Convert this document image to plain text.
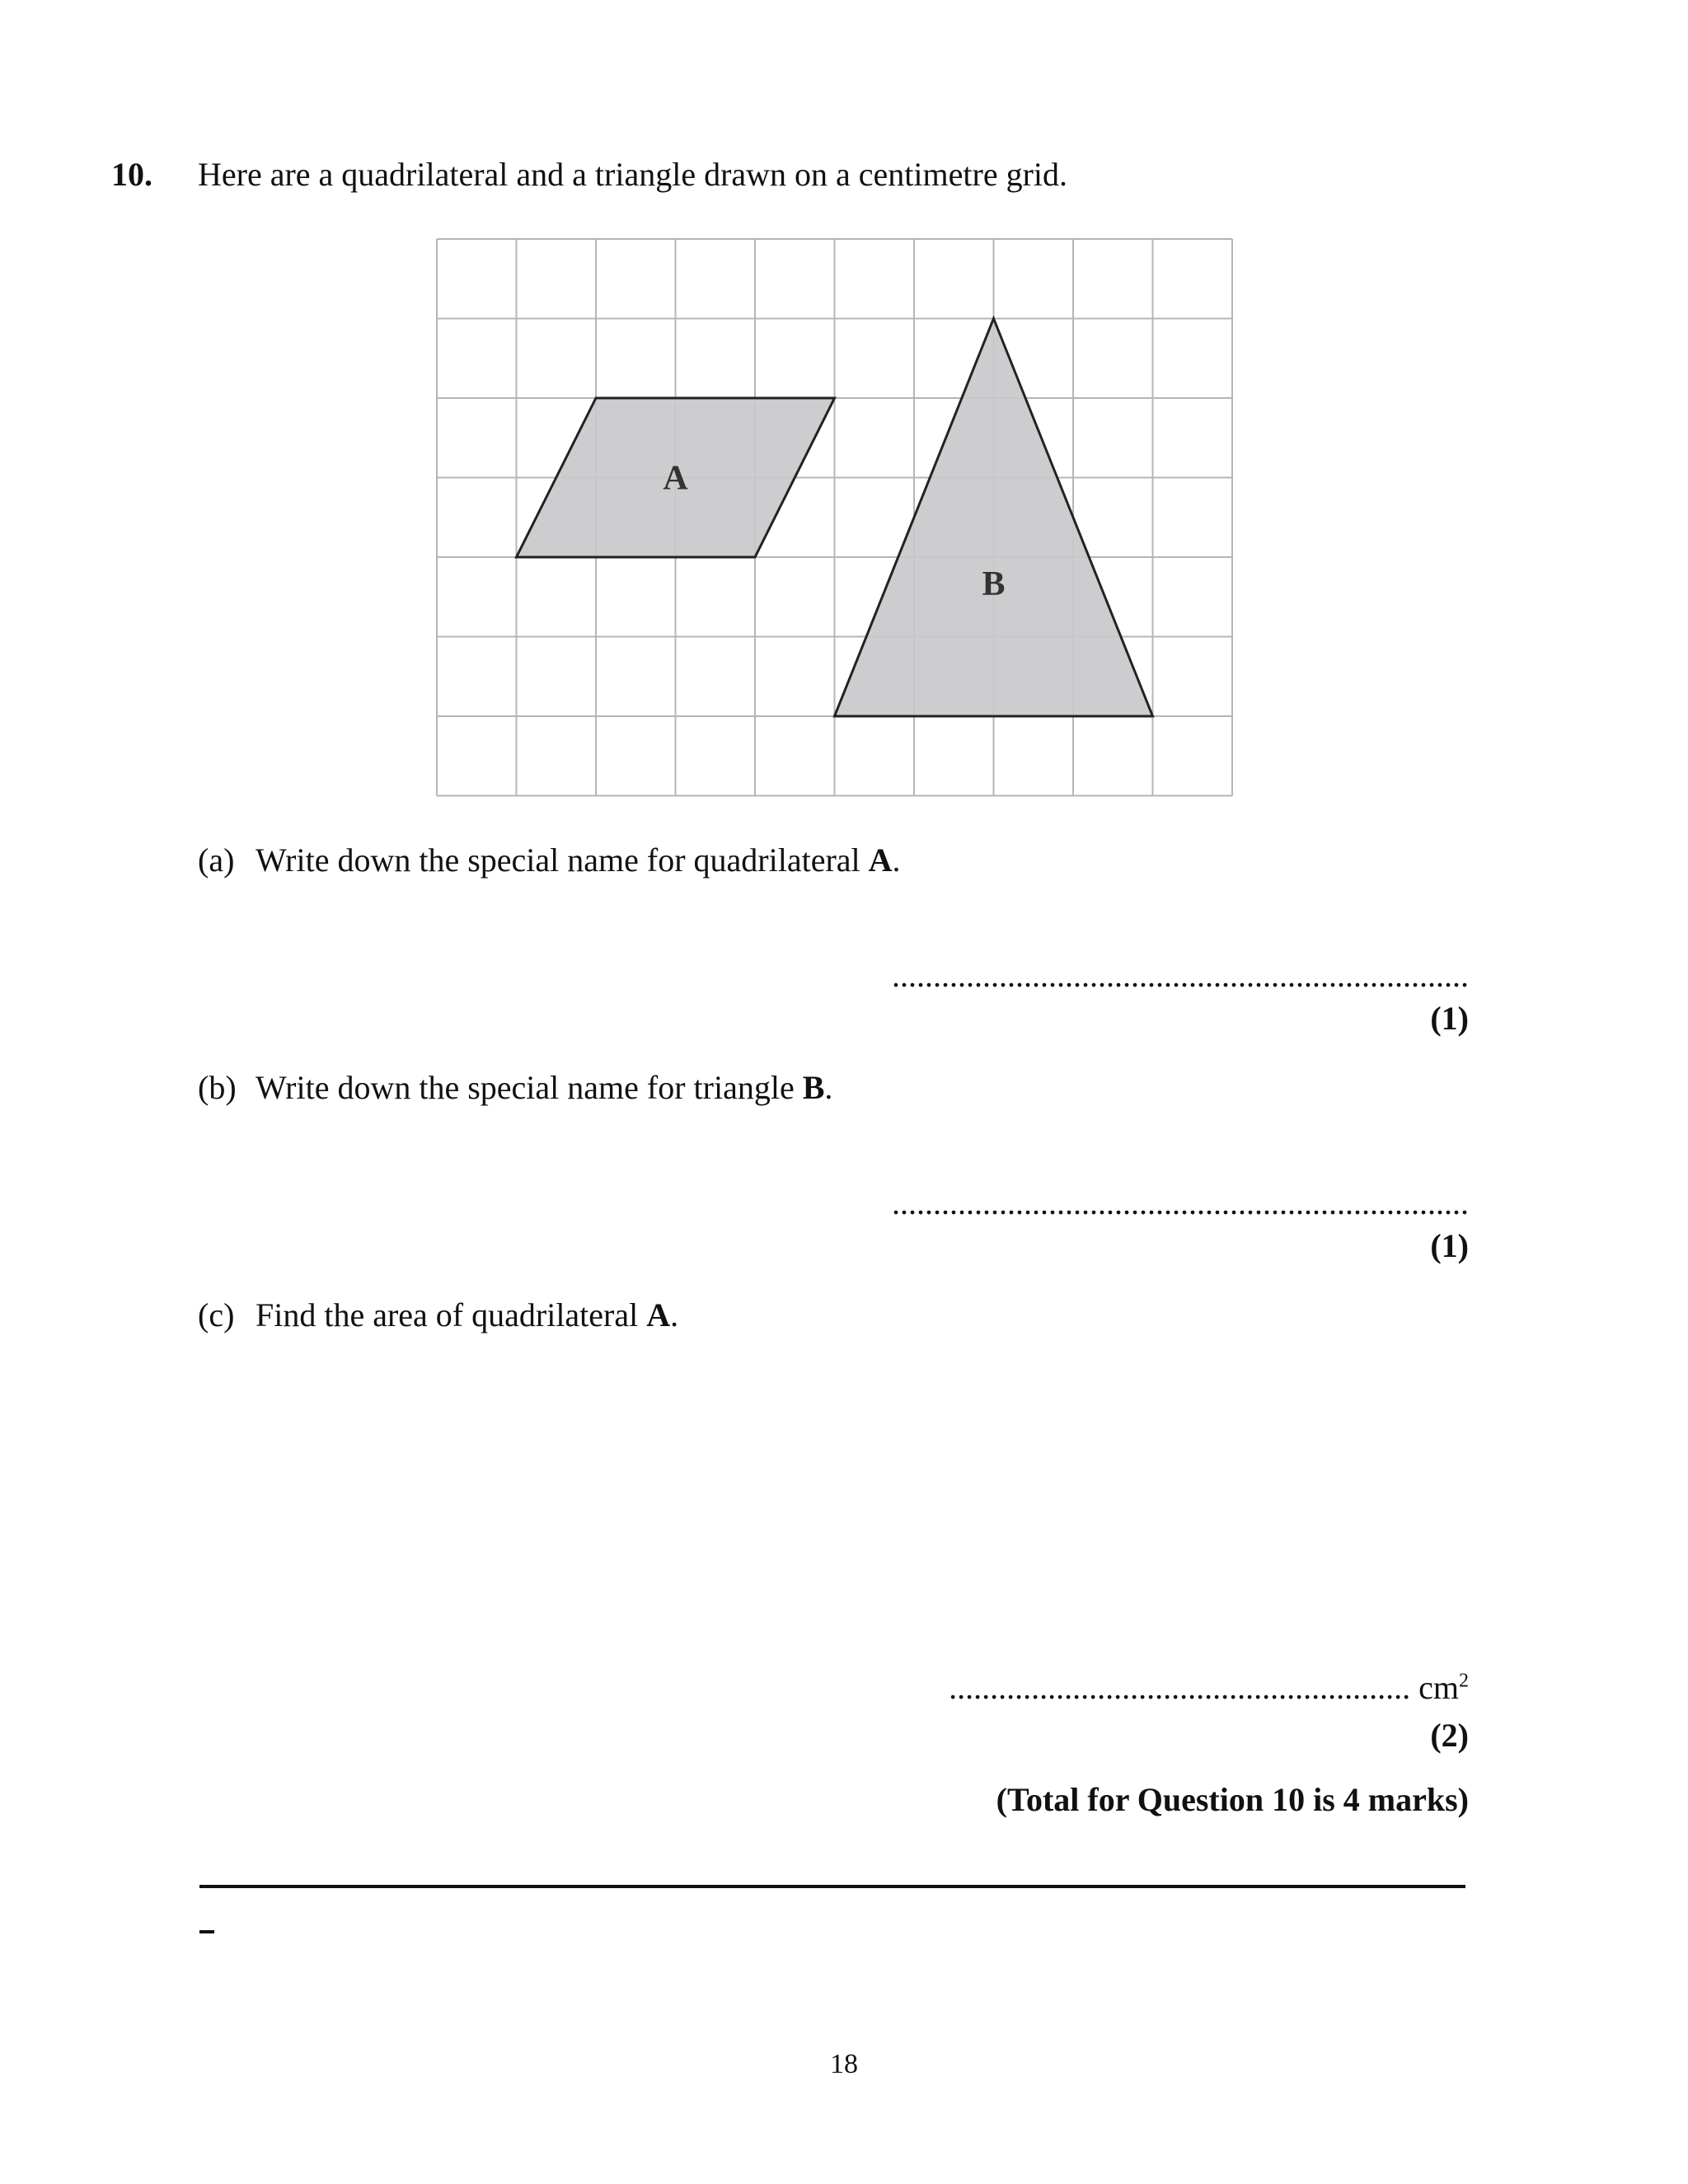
10. Here are a quadrilateral and a triangle drawn on a centimetre grid.
A
B
(a) Write down the special name for quadrilateral A.
......................................................................
(1)
(b) Write down the special name for triangle B.
......................................................................
(1)
(c) Find the area of quadrilateral A.
........................................................ $cm^2$
(2)
(Total for Question 10 is 4 marks)
18
